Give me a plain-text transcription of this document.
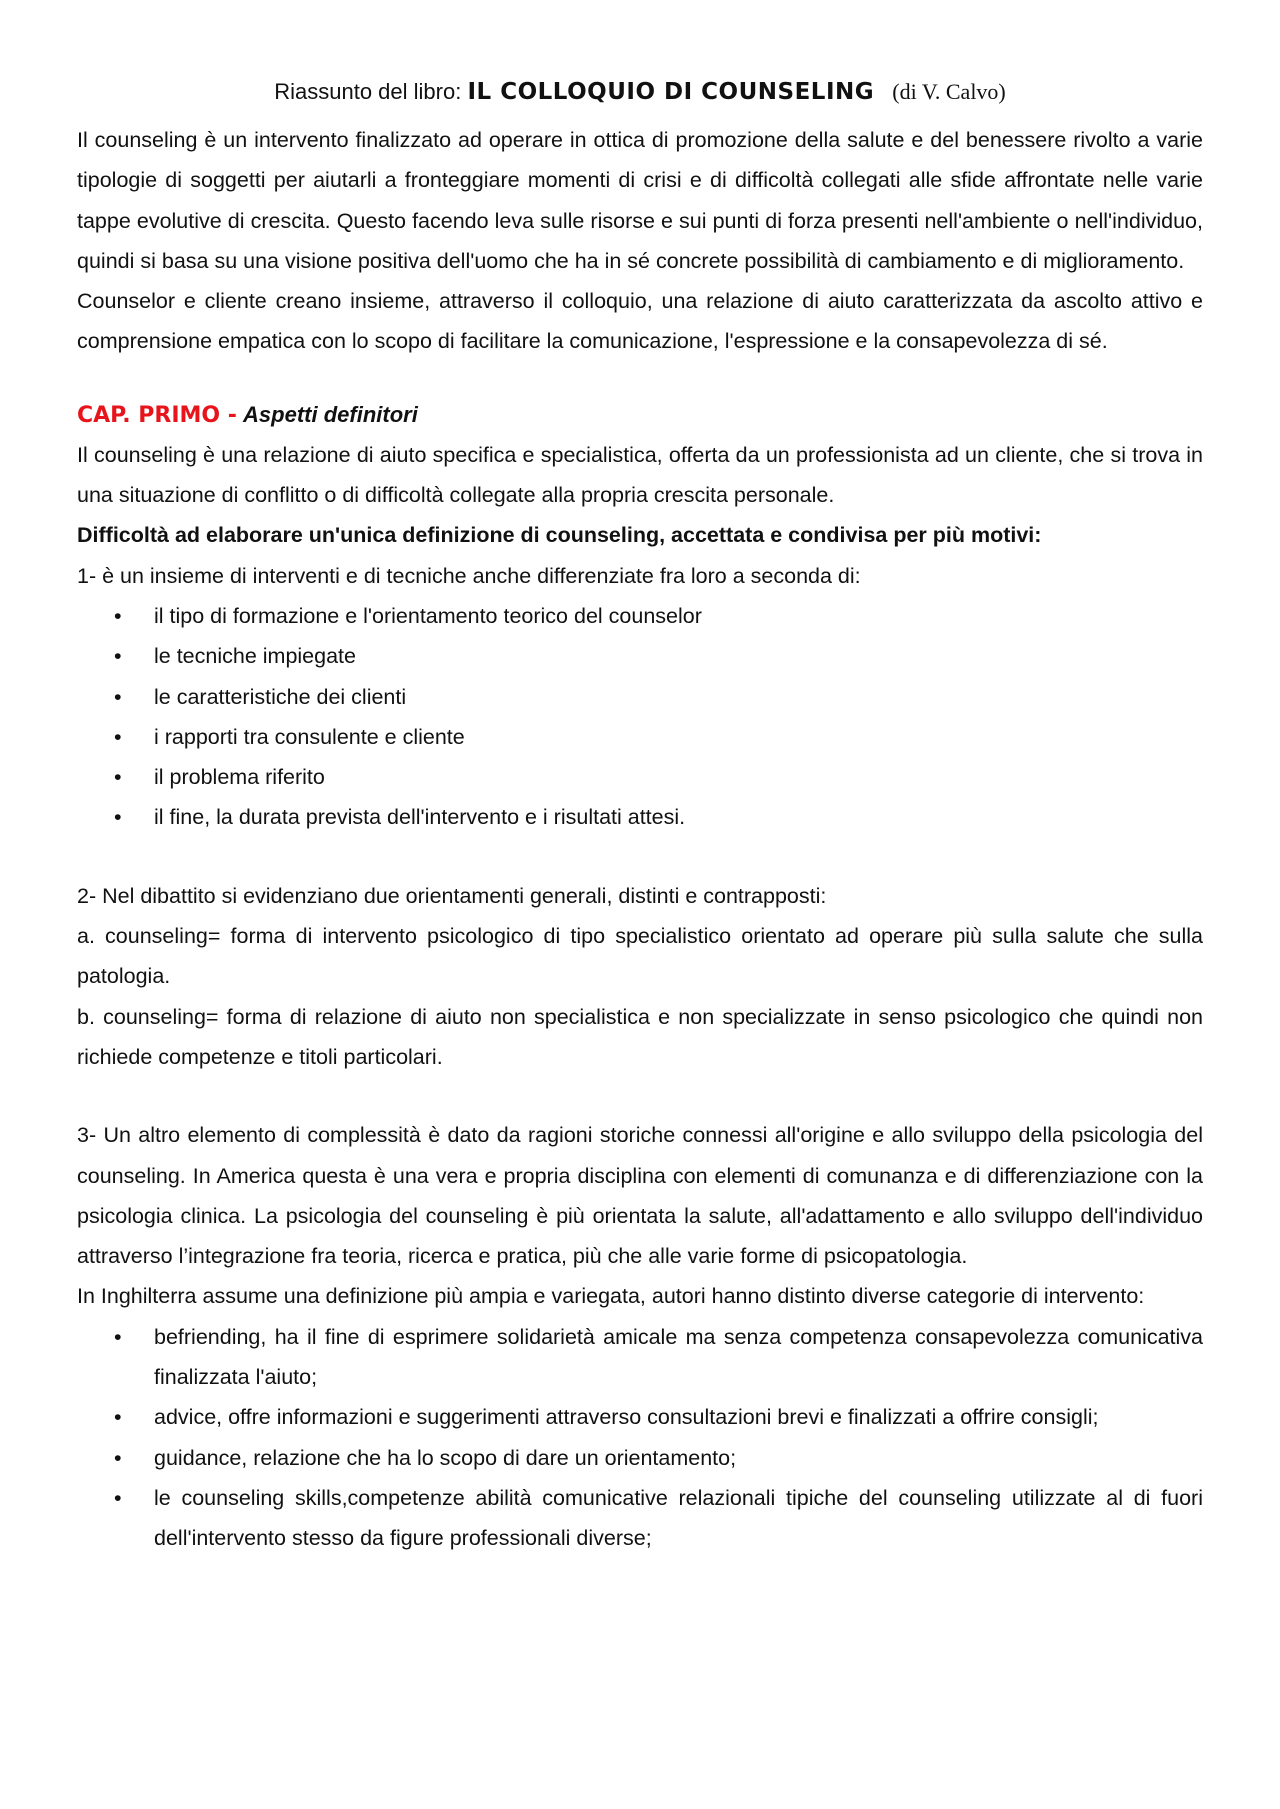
Riassunto del libro: IL COLLOQUIO DI COUNSELING (di V. Calvo)

Il counseling è un intervento finalizzato ad operare in ottica di promozione della salute e del benessere rivolto a varie tipologie di soggetti per aiutarli a fronteggiare momenti di crisi e di difficoltà collegati alle sfide affrontate nelle varie tappe evolutive di crescita. Questo facendo leva sulle risorse e sui punti di forza presenti nell'ambiente o nell'individuo, quindi si basa su una visione positiva dell'uomo che ha in sé concrete possibilità di cambiamento e di miglioramento.

Counselor e cliente creano insieme, attraverso il colloquio, una relazione di aiuto caratterizzata da ascolto attivo e comprensione empatica con lo scopo di facilitare la comunicazione, l'espressione e la consapevolezza di sé.

CAP. PRIMO - Aspetti definitori

Il counseling è una relazione di aiuto specifica e specialistica, offerta da un professionista ad un cliente, che si trova in una situazione di conflitto o di difficoltà collegate alla propria crescita personale.

Difficoltà ad elaborare un'unica definizione di counseling, accettata e condivisa per più motivi:

1- è un insieme di interventi e di tecniche anche differenziate fra loro a seconda di:

• il tipo di formazione e l'orientamento teorico del counselor
• le tecniche impiegate
• le caratteristiche dei clienti
• i rapporti tra consulente e cliente
• il problema riferito
• il fine, la durata prevista dell'intervento e i risultati attesi.

2- Nel dibattito si evidenziano due orientamenti generali, distinti e contrapposti:

a. counseling= forma di intervento psicologico di tipo specialistico orientato ad operare più sulla salute che sulla patologia.

b. counseling= forma di relazione di aiuto non specialistica e non specializzate in senso psicologico che quindi non richiede competenze e titoli particolari.

3- Un altro elemento di complessità è dato da ragioni storiche connessi all'origine e allo sviluppo della psicologia del counseling. In America questa è una vera e propria disciplina con elementi di comunanza e di differenziazione con la psicologia clinica. La psicologia del counseling è più orientata la salute, all'adattamento e allo sviluppo dell'individuo attraverso l’integrazione fra teoria, ricerca e pratica, più che alle varie forme di psicopatologia.

In Inghilterra assume una definizione più ampia e variegata, autori hanno distinto diverse categorie di intervento:

• befriending, ha il fine di esprimere solidarietà amicale ma senza competenza consapevolezza comunicativa finalizzata l'aiuto;
• advice, offre informazioni e suggerimenti attraverso consultazioni brevi e finalizzati a offrire consigli;
• guidance, relazione che ha lo scopo di dare un orientamento;
• le counseling skills,competenze abilità comunicative relazionali tipiche del counseling utilizzate al di fuori dell'intervento stesso da figure professionali diverse;
